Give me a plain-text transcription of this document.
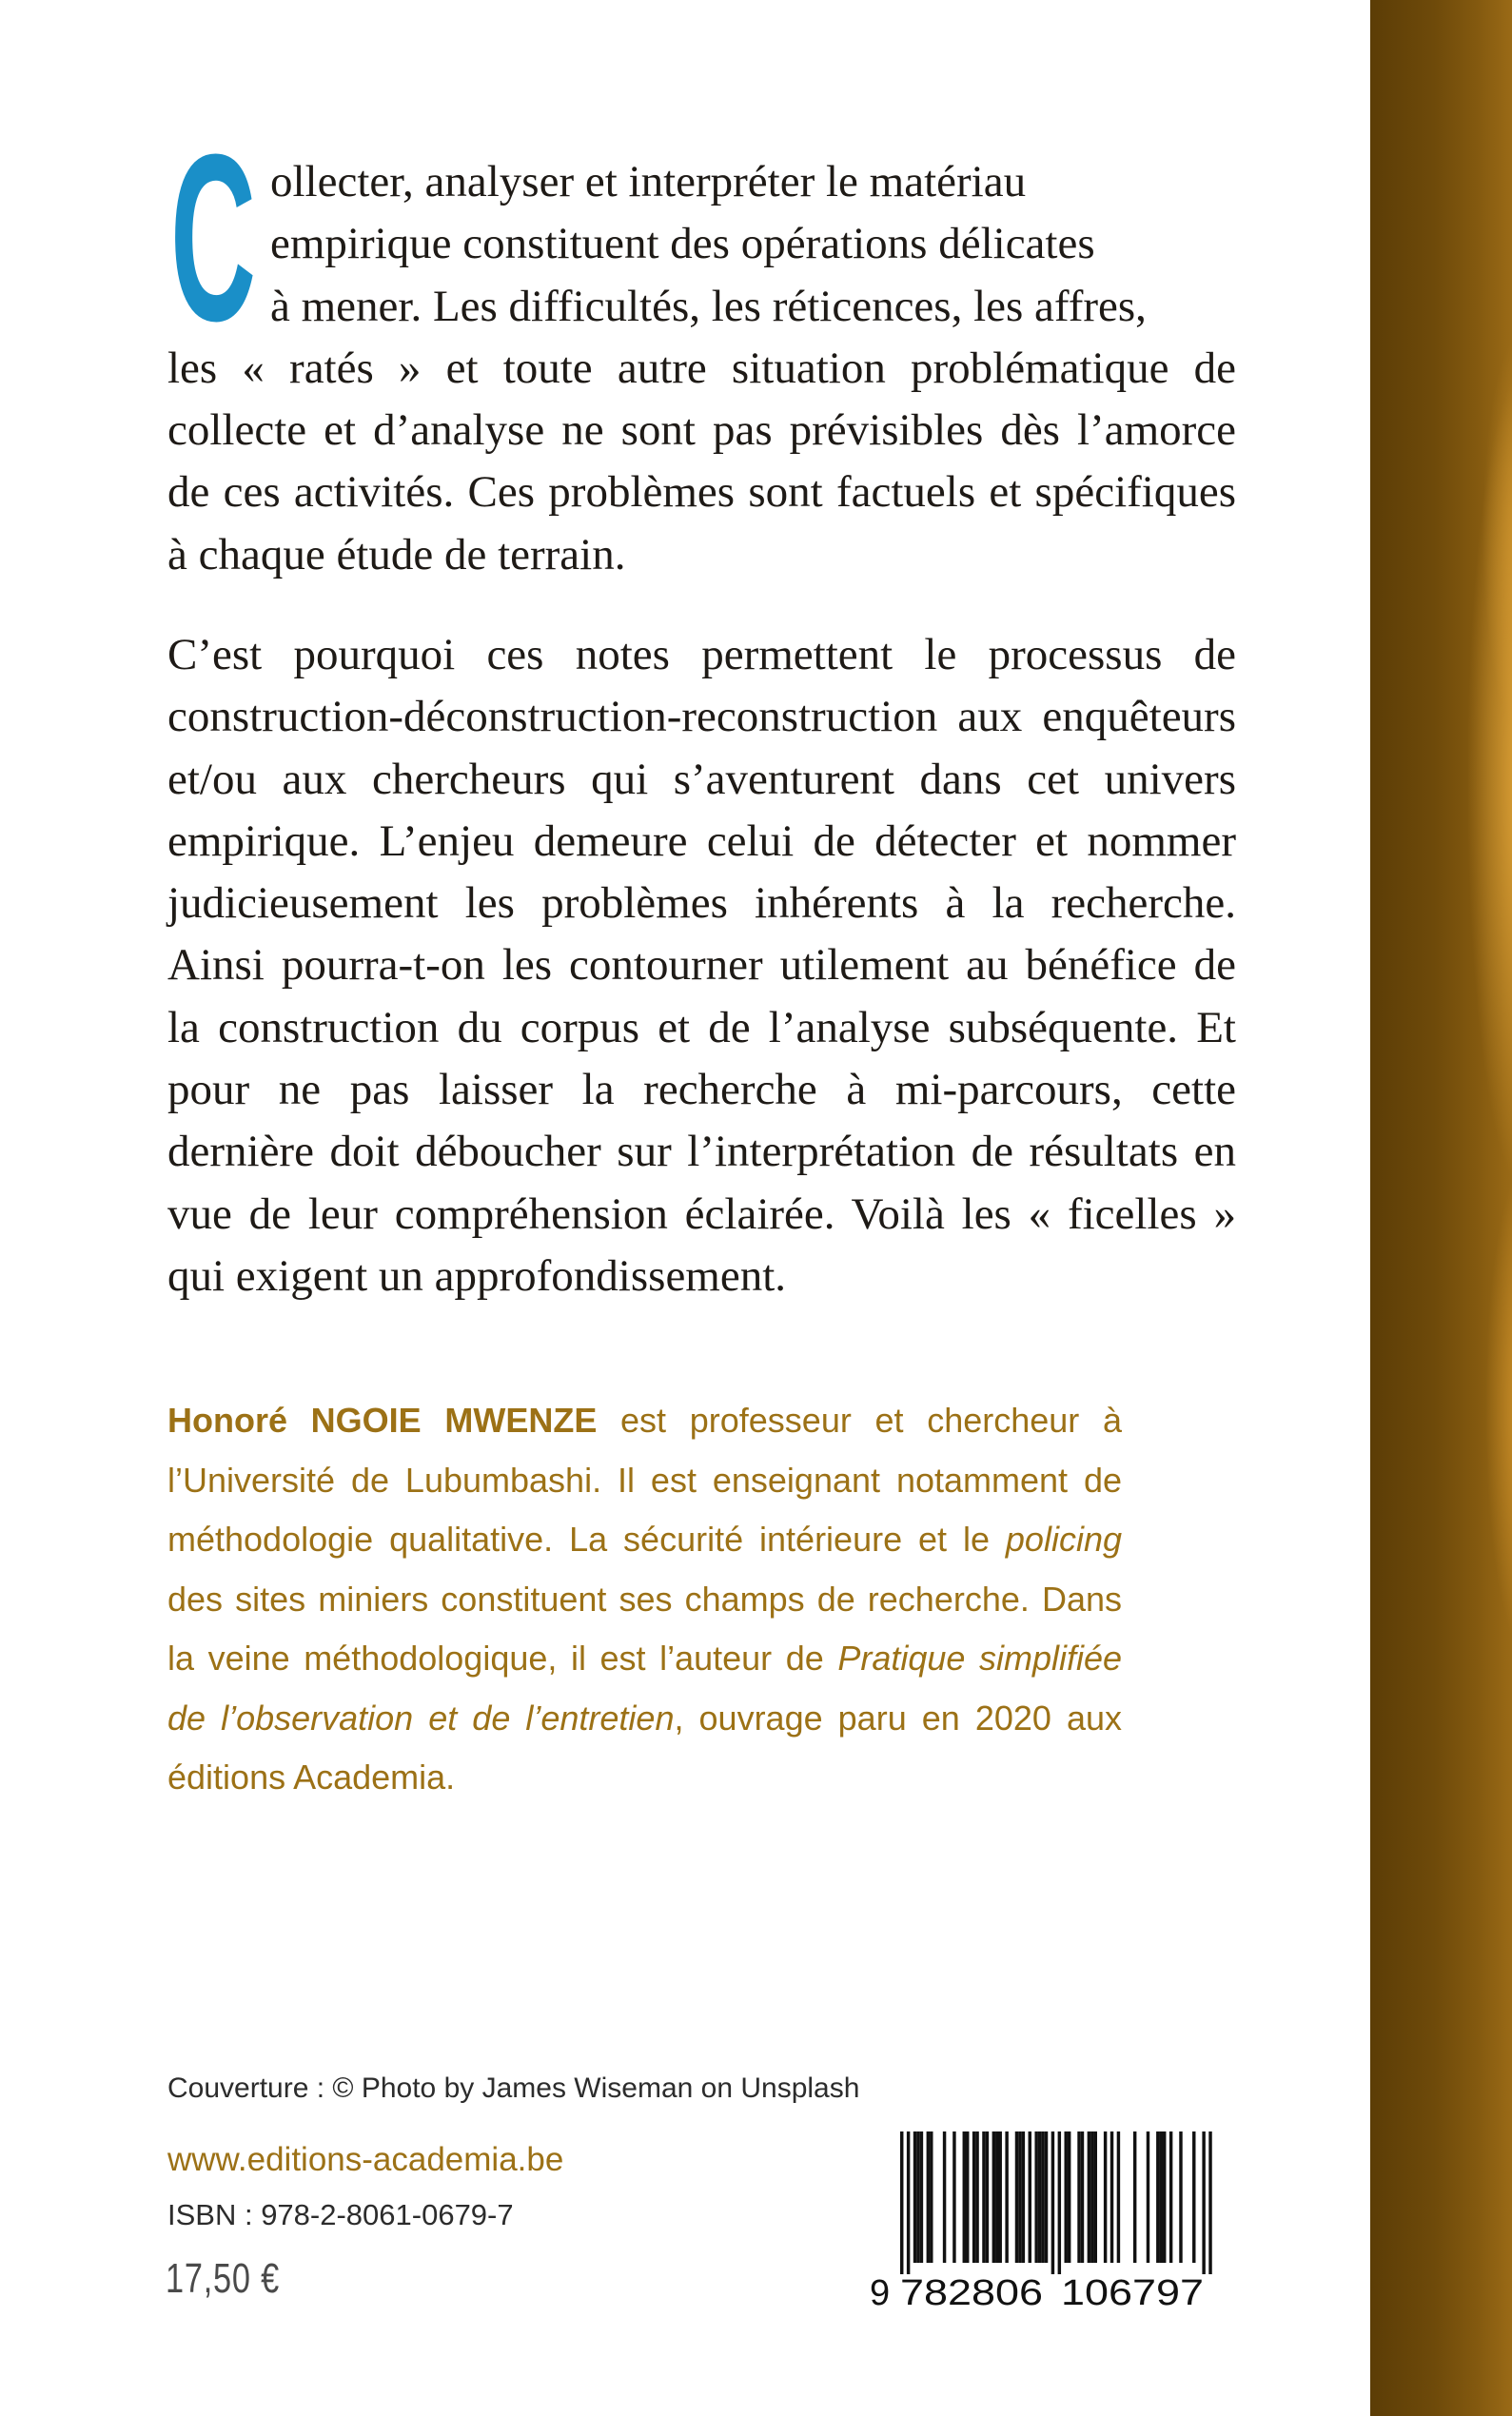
C ollecter, analyser et interpréter le matériau
empirique constituent des opérations délicates
à mener. Les difficultés, les réticences, les affres,
les « ratés » et toute autre situation problématique de collecte et d’analyse ne sont pas prévisibles dès l’amorce de ces activités. Ces problèmes sont factuels et spécifiques à chaque étude de terrain.

C’est pourquoi ces notes permettent le processus de construction-déconstruction-reconstruction aux enquêteurs et/ou aux chercheurs qui s’aventurent dans cet univers empirique. L’enjeu demeure celui de détecter et nommer judicieusement les problèmes inhérents à la recherche. Ainsi pourra-t-on les contourner utilement au bénéfice de la construction du corpus et de l’analyse subséquente. Et pour ne pas laisser la recherche à mi-parcours, cette dernière doit déboucher sur l’interprétation de résultats en vue de leur compréhension éclairée. Voilà les « ficelles » qui exigent un approfondissement.

Honoré NGOIE MWENZE est professeur et chercheur à l’Université de Lubumbashi. Il est enseignant notamment de méthodologie qualitative. La sécurité intérieure et le policing des sites miniers constituent ses champs de recherche. Dans la veine méthodologique, il est l’auteur de Pratique simplifiée de l’observation et de l’entretien, ouvrage paru en 2020 aux éditions Academia.

Couverture : © Photo by James Wiseman on Unsplash
www.editions-academia.be
ISBN : 978-2-8061-0679-7
17,50 €	9 782806 106797
